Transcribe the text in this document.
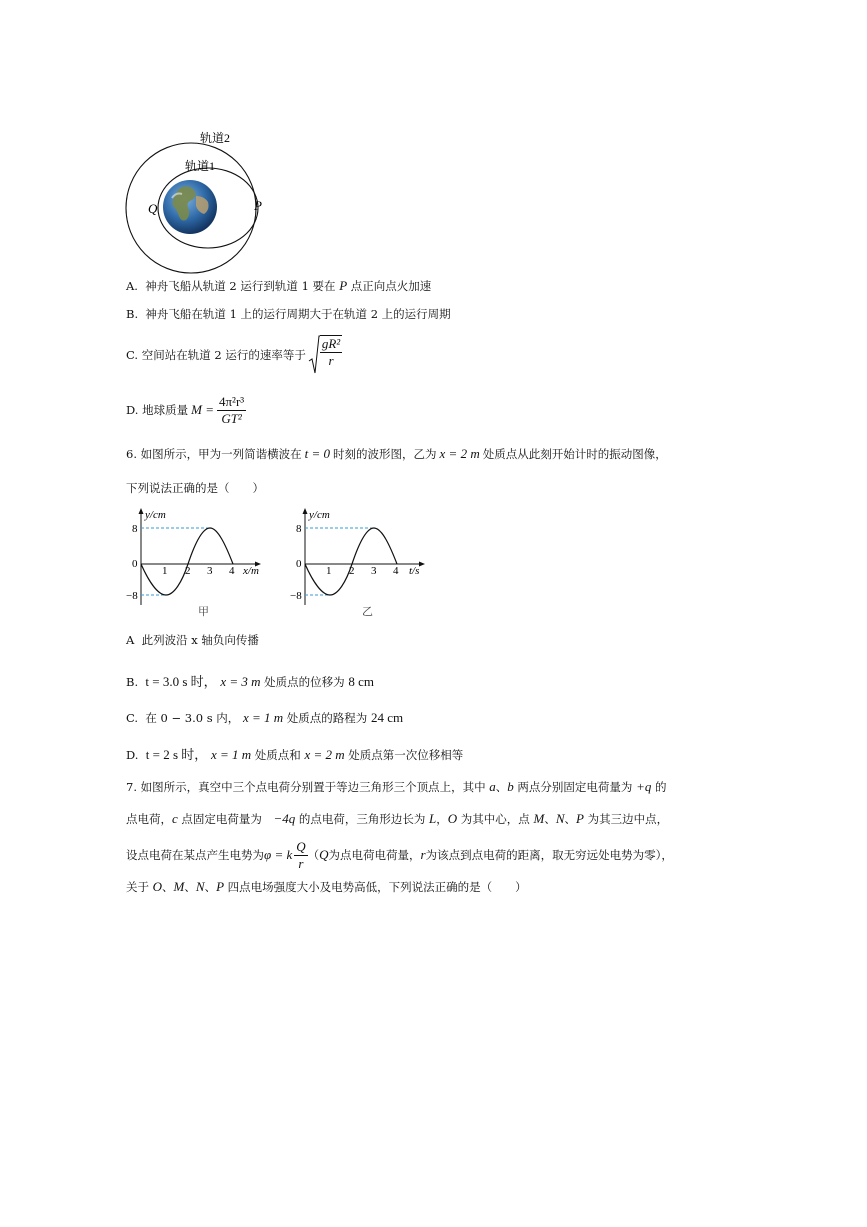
轨道2
轨道1
Q	P
A. 神舟飞船从轨道 2 运行到轨道 1 要在 P 点正向点火加速
B. 神舟飞船在轨道 1 上的运行周期大于在轨道 2 上的运行周期
C.
空间站在轨道 2 运行的速率等于 $\frac{\text{gR²}}{r}$
D.
地球质量 $M = \frac{\text{4π²r³}}{\text{GT²}}$
6. 如图所示，甲为一列简谐横波在 t = 0 时刻的波形图，乙为 x = 2 m 处质点从此刻开始计时的振动图像，
下列说法正确的是（　　）
y/cm
8
0
−8
1 2 3 4 x/m
甲
y/cm
8
0
−8
1 2 3 4 t/s
乙
A 此列波沿 x 轴负向传播
B. t = 3.0 s 时， x = 3 m 处质点的位移为 8 cm
C. 在 0 − 3.0 s 内， x = 1 m 处质点的路程为 24 cm
D. t = 2 s 时， x = 1 m 处质点和 x = 2 m 处质点第一次位移相等
7. 如图所示，真空中三个点电荷分别置于等边三角形三个顶点上，其中 a、b 两点分别固定电荷量为 +q 的
点电荷，c 点固定电荷量为　−4q 的点电荷，三角形边长为 L，O 为其中心，点 M、N、P 为其三边中点，
设点电荷在某点产生电势为 φ = k $\frac{Q}{r}$ （ Q 为点电荷电荷量， r 为该点到点电荷的距离，取无穷远处电势为零），
关于 O、M、N、P 四点电场强度大小及电势高低，下列说法正确的是（　　）
